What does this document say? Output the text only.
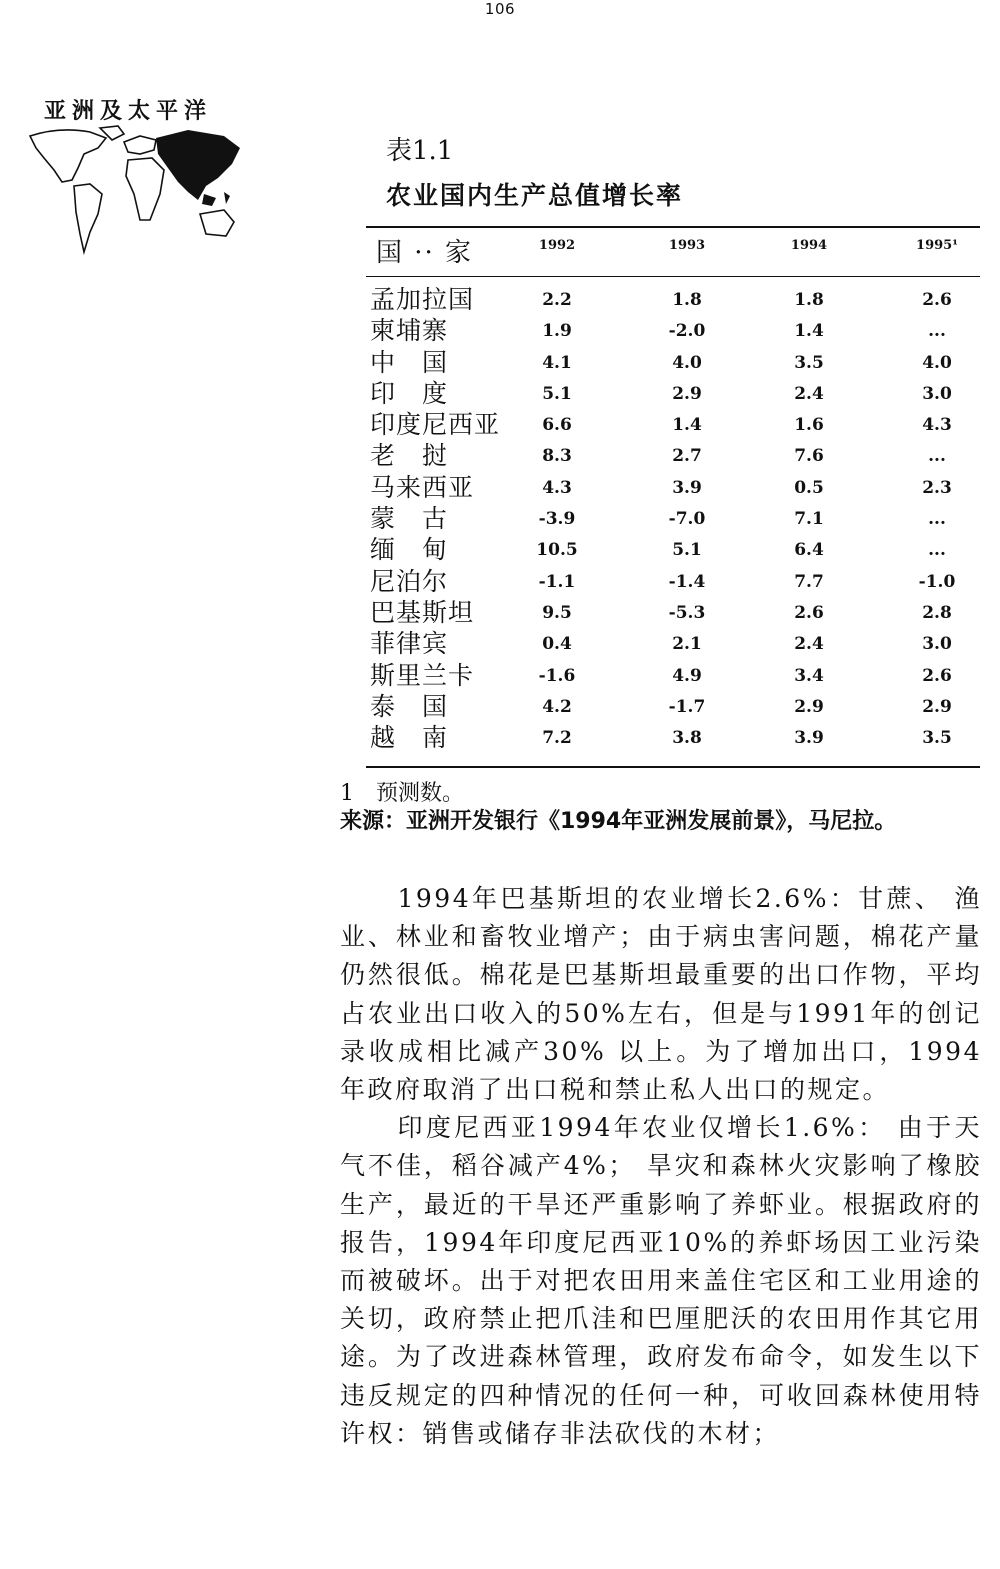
106
亚洲及太平洋
表1.1
农业国内生产总值增长率
国 ·· 家	1992	1993	1994	1995¹
孟加拉国	2.2	1.8	1.8	2.6
柬埔寨	1.9	-2.0	1.4	...
中　国	4.1	4.0	3.5	4.0
印　度	5.1	2.9	2.4	3.0
印度尼西亚	6.6	1.4	1.6	4.3
老　挝	8.3	2.7	7.6	...
马来西亚	4.3	3.9	0.5	2.3
蒙　古	-3.9	-7.0	7.1	...
缅　甸	10.5	5.1	6.4	...
尼泊尔	-1.1	-1.4	7.7	-1.0
巴基斯坦	9.5	-5.3	2.6	2.8
菲律宾	0.4	2.1	2.4	3.0
斯里兰卡	-1.6	4.9	3.4	2.6
泰　国	4.2	-1.7	2.9	2.9
越　南	7.2	3.8	3.9	3.5
1　预测数。
来源：亚洲开发银行《1994年亚洲发展前景》，马尼拉。

1994年巴基斯坦的农业增长2.6%：甘蔗、 渔业、林业和畜牧业增产；由于病虫害问题，棉花产量仍然很低。棉花是巴基斯坦最重要的出口作物，平均占农业出口收入的50%左右，但是与1991年的创记录收成相比减产30% 以上。为了增加出口，1994年政府取消了出口税和禁止私人出口的规定。

印度尼西亚1994年农业仅增长1.6%： 由于天气不佳，稻谷减产4%； 旱灾和森林火灾影响了橡胶生产，最近的干旱还严重影响了养虾业。根据政府的报告，1994年印度尼西亚10%的养虾场因工业污染而被破坏。出于对把农田用来盖住宅区和工业用途的关切，政府禁止把爪洼和巴厘肥沃的农田用作其它用途。为了改进森林管理，政府发布命令，如发生以下违反规定的四种情况的任何一种，可收回森林使用特许权：销售或储存非法砍伐的木材；
